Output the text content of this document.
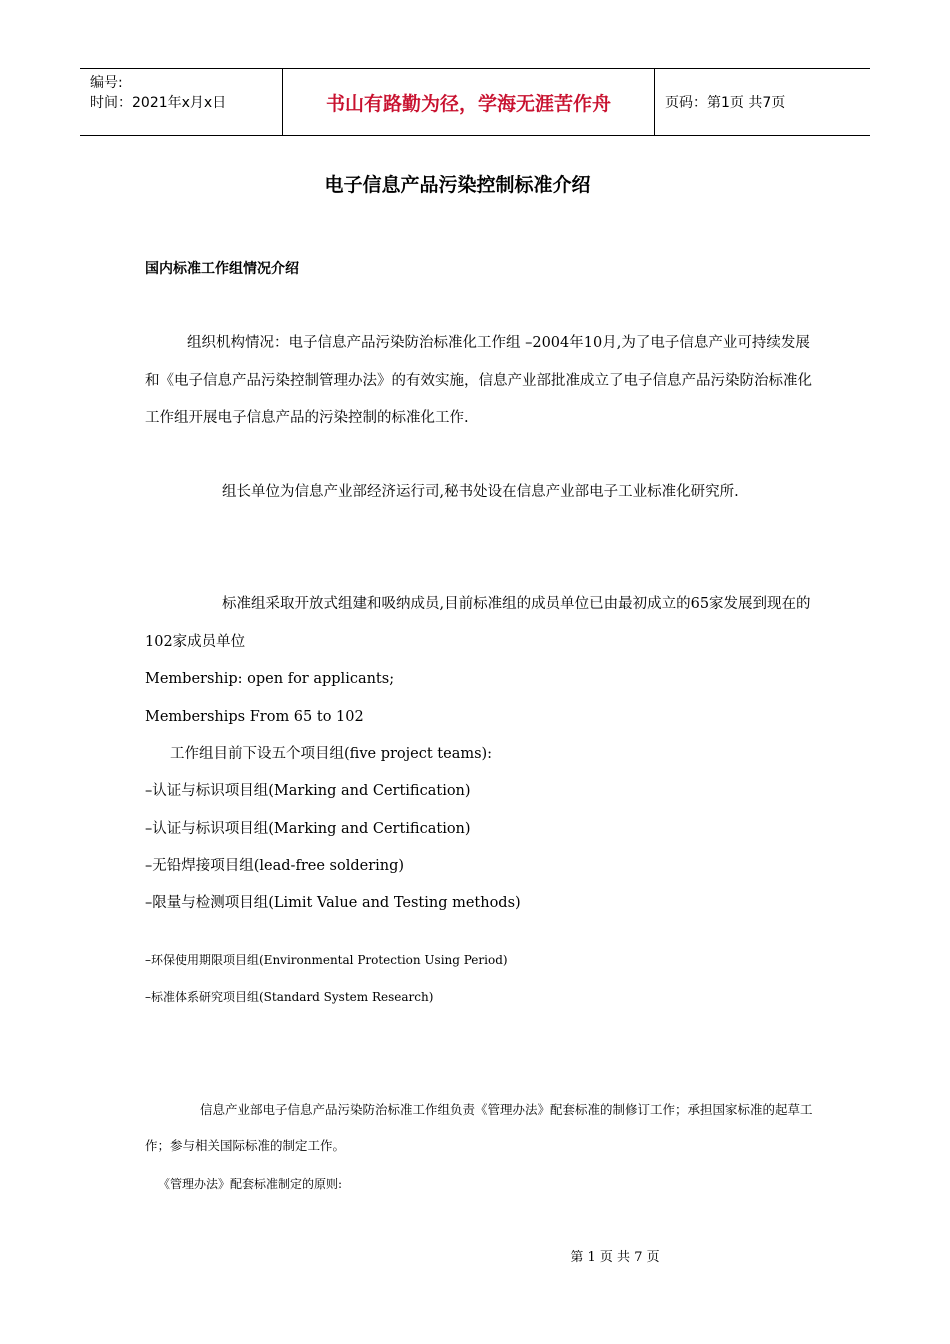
编号:
时间：2021年x月x日	书山有路勤为径，学海无涯苦作舟	页码：第1页 共7页
电子信息产品污染控制标准介绍
国内标准工作组情况介绍

组织机构情况：电子信息产品污染防治标准化工作组 –2004年10月,为了电子信息产业可持续发展和《电子信息产品污染控制管理办法》的有效实施，信息产业部批准成立了电子信息产品污染防治标准化工作组开展电子信息产品的污染控制的标准化工作.

组长单位为信息产业部经济运行司,秘书处设在信息产业部电子工业标准化研究所.

标准组采取开放式组建和吸纳成员,目前标准组的成员单位已由最初成立的65家发展到现在的102家成员单位

Membership: open for applicants;

Memberships From 65 to 102

工作组目前下设五个项目组(five project teams):

–认证与标识项目组(Marking and Certification)

–认证与标识项目组(Marking and Certification)

–无铅焊接项目组(lead-free soldering)

–限量与检测项目组(Limit Value and Testing methods)

–环保使用期限项目组(Environmental Protection Using Period)

–标准体系研究项目组(Standard System Research)

信息产业部电子信息产品污染防治标准工作组负责《管理办法》配套标准的制修订工作；承担国家标准的起草工作；参与相关国际标准的制定工作。

《管理办法》配套标准制定的原则:

第 1 页 共 7 页
